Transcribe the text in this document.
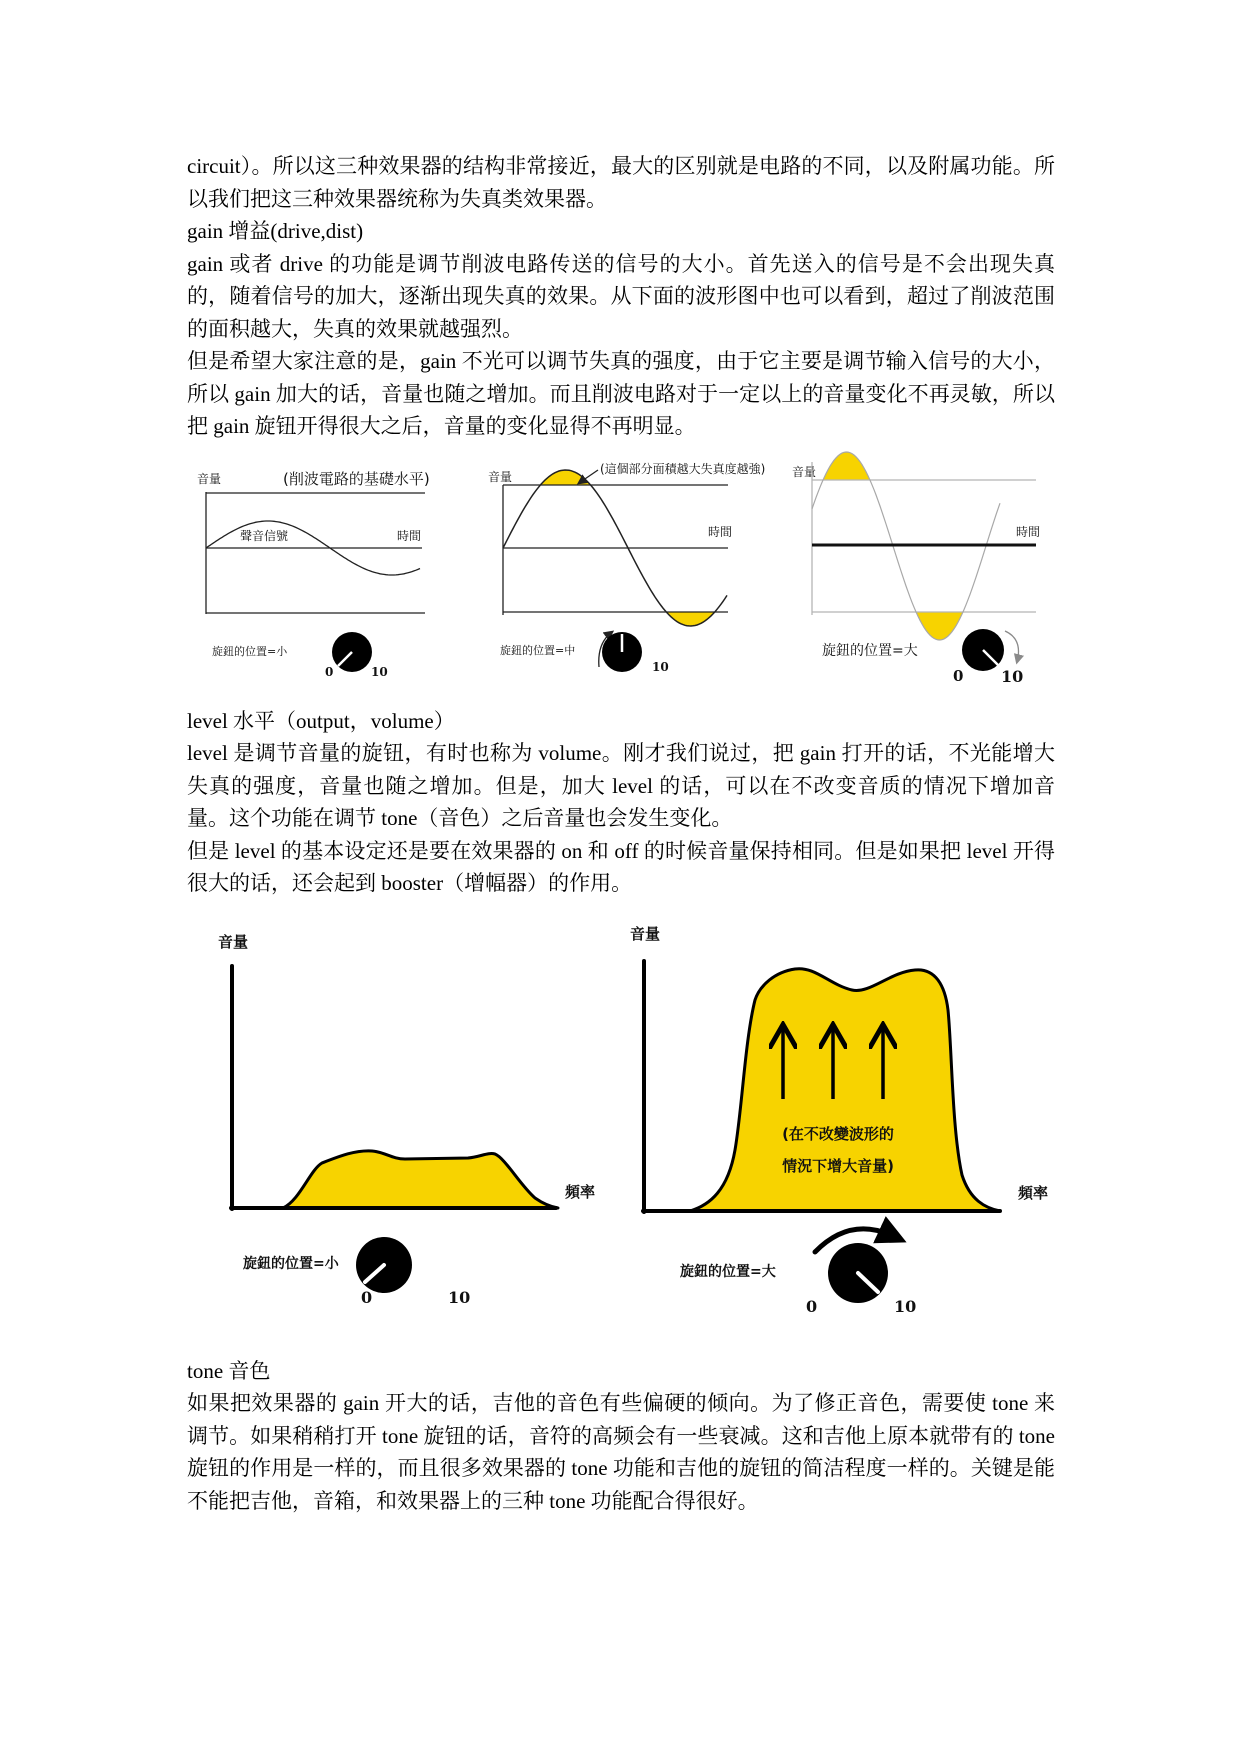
circuit）。所以这三种效果器的结构非常接近，最大的区别就是电路的不同，以及附属功能。所以我们把这三种效果器统称为失真类效果器。

gain 增益(drive,dist)

gain 或者 drive 的功能是调节削波电路传送的信号的大小。首先送入的信号是不会出现失真的，随着信号的加大，逐渐出现失真的效果。从下面的波形图中也可以看到，超过了削波范围的面积越大，失真的效果就越强烈。

但是希望大家注意的是，gain 不光可以调节失真的强度，由于它主要是调节输入信号的大小，所以 gain 加大的话，音量也随之增加。而且削波电路对于一定以上的音量变化不再灵敏，所以把 gain 旋钮开得很大之后，音量的变化显得不再明显。

音量	(削波電路的基礎水平)
聲音信號	時間
旋鈕的位置=小
0	10
音量
(這個部分面積越大失真度越強)
時間
旋鈕的位置=中
10
音量
時間
旋鈕的位置=大
0 10

level 水平（output，volume）

level 是调节音量的旋钮，有时也称为 volume。刚才我们说过，把 gain 打开的话，不光能增大失真的强度，音量也随之增加。但是，加大 level 的话，可以在不改变音质的情况下增加音量。这个功能在调节 tone（音色）之后音量也会发生变化。

但是 level 的基本设定还是要在效果器的 on 和 off 的时候音量保持相同。但是如果把 level 开得很大的话，还会起到 booster（增幅器）的作用。

音量
頻率
旋鈕的位置=小
0	10
音量
(在不改變波形的
情況下增大音量)
頻率
旋鈕的位置=大
0	10

tone 音色

如果把效果器的 gain 开大的话，吉他的音色有些偏硬的倾向。为了修正音色，需要使 tone 来调节。如果稍稍打开 tone 旋钮的话，音符的高频会有一些衰减。这和吉他上原本就带有的 tone 旋钮的作用是一样的，而且很多效果器的 tone 功能和吉他的旋钮的简洁程度一样的。关键是能不能把吉他，音箱，和效果器上的三种 tone 功能配合得很好。
